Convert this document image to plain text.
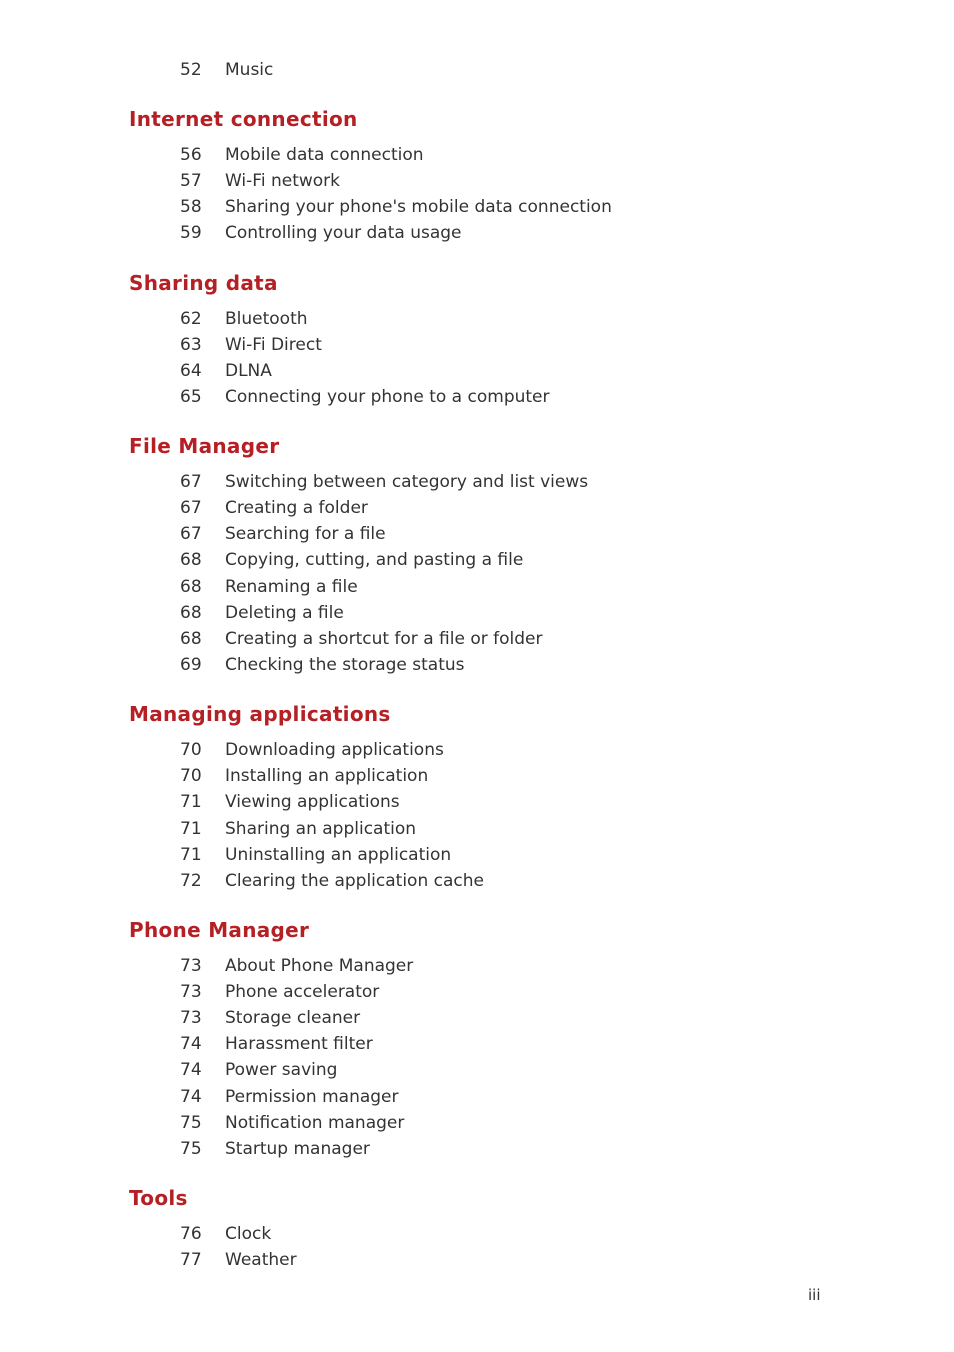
52 Music
Internet connection
56 Mobile data connection
57 Wi-Fi network
58 Sharing your phone's mobile data connection
59 Controlling your data usage
Sharing data
62 Bluetooth
63 Wi-Fi Direct
64 DLNA
65 Connecting your phone to a computer
File Manager
67 Switching between category and list views
67 Creating a folder
67 Searching for a file
68 Copying, cutting, and pasting a file
68 Renaming a file
68 Deleting a file
68 Creating a shortcut for a file or folder
69 Checking the storage status
Managing applications
70 Downloading applications
70 Installing an application
71 Viewing applications
71 Sharing an application
71 Uninstalling an application
72 Clearing the application cache
Phone Manager
73 About Phone Manager
73 Phone accelerator
73 Storage cleaner
74 Harassment filter
74 Power saving
74 Permission manager
75 Notification manager
75 Startup manager
Tools
76 Clock
77 Weather
iii
